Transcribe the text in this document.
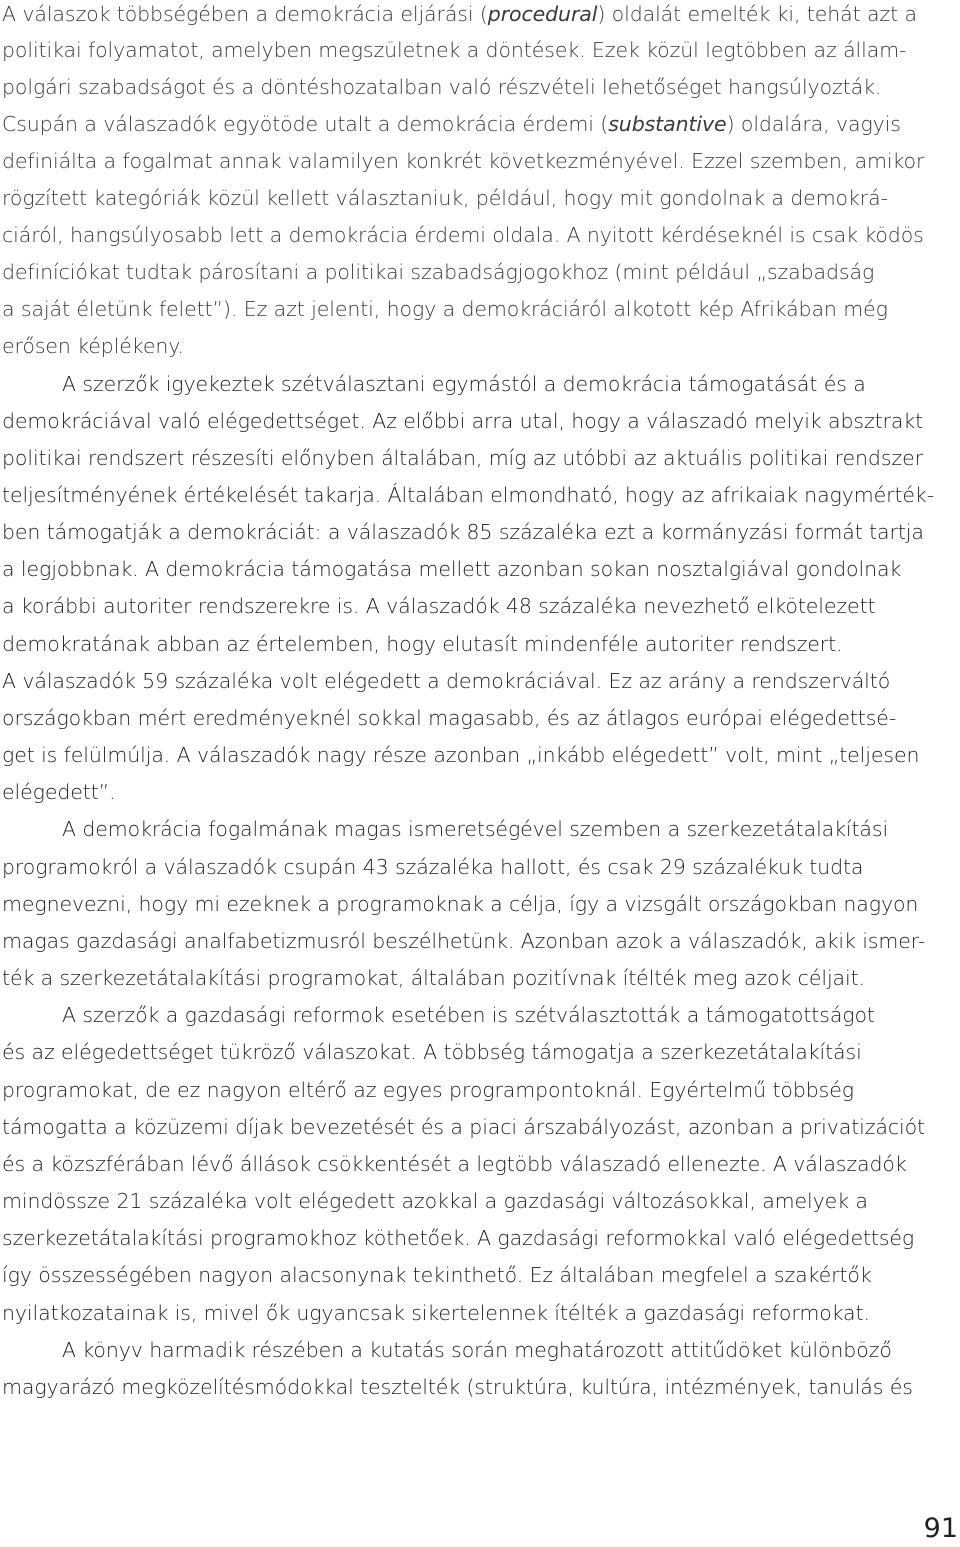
A válaszok többségében a demokrácia eljárási (procedural) oldalát emelték ki, tehát azt a
politikai folyamatot, amelyben megszületnek a döntések. Ezek közül legtöbben az állam-
polgári szabadságot és a döntéshozatalban való részvételi lehetőséget hangsúlyozták.
Csupán a válaszadók egyötöde utalt a demokrácia érdemi (substantive) oldalára, vagyis
definiálta a fogalmat annak valamilyen konkrét következményével. Ezzel szemben, amikor
rögzített kategóriák közül kellett választaniuk, például, hogy mit gondolnak a demokrá-
ciáról, hangsúlyosabb lett a demokrácia érdemi oldala. A nyitott kérdéseknél is csak ködös
definíciókat tudtak párosítani a politikai szabadságjogokhoz (mint például „szabadság
a saját életünk felett”). Ez azt jelenti, hogy a demokráciáról alkotott kép Afrikában még
erősen képlékeny.
A szerzők igyekeztek szétválasztani egymástól a demokrácia támogatását és a
demokráciával való elégedettséget. Az előbbi arra utal, hogy a válaszadó melyik absztrakt
politikai rendszert részesíti előnyben általában, míg az utóbbi az aktuális politikai rendszer
teljesítményének értékelését takarja. Általában elmondható, hogy az afrikaiak nagymérték-
ben támogatják a demokráciát: a válaszadók 85 százaléka ezt a kormányzási formát tartja
a legjobbnak. A demokrácia támogatása mellett azonban sokan nosztalgiával gondolnak
a korábbi autoriter rendszerekre is. A válaszadók 48 százaléka nevezhető elkötelezett
demokratának abban az értelemben, hogy elutasít mindenféle autoriter rendszert.
A válaszadók 59 százaléka volt elégedett a demokráciával. Ez az arány a rendszerváltó
országokban mért eredményeknél sokkal magasabb, és az átlagos európai elégedettsé-
get is felülmúlja. A válaszadók nagy része azonban „inkább elégedett” volt, mint „teljesen
elégedett”.
A demokrácia fogalmának magas ismeretségével szemben a szerkezetátalakítási
programokról a válaszadók csupán 43 százaléka hallott, és csak 29 százalékuk tudta
megnevezni, hogy mi ezeknek a programoknak a célja, így a vizsgált országokban nagyon
magas gazdasági analfabetizmusról beszélhetünk. Azonban azok a válaszadók, akik ismer-
ték a szerkezetátalakítási programokat, általában pozitívnak ítélték meg azok céljait.
A szerzők a gazdasági reformok esetében is szétválasztották a támogatottságot
és az elégedettséget tükröző válaszokat. A többség támogatja a szerkezetátalakítási
programokat, de ez nagyon eltérő az egyes programpontoknál. Egyértelmű többség
támogatta a közüzemi díjak bevezetését és a piaci árszabályozást, azonban a privatizációt
és a közszférában lévő állások csökkentését a legtöbb válaszadó ellenezte. A válaszadók
mindössze 21 százaléka volt elégedett azokkal a gazdasági változásokkal, amelyek a
szerkezetátalakítási programokhoz köthetőek. A gazdasági reformokkal való elégedettség
így összességében nagyon alacsonynak tekinthető. Ez általában megfelel a szakértők
nyilatkozatainak is, mivel ők ugyancsak sikertelennek ítélték a gazdasági reformokat.
A könyv harmadik részében a kutatás során meghatározott attitűdöket különböző
magyarázó megközelítésmódokkal tesztelték (struktúra, kultúra, intézmények, tanulás és
91
